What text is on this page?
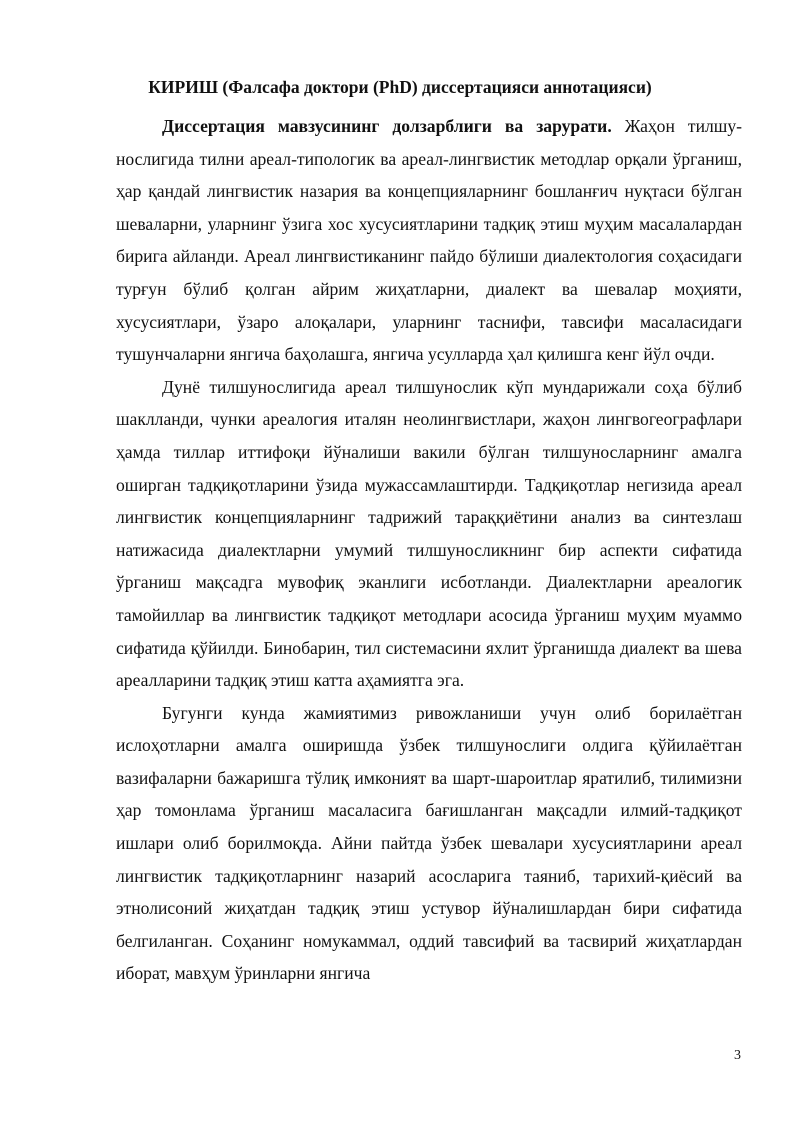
КИРИШ (Фалсафа доктори (PhD) диссертацияси аннотацияси)

Диссертация мавзусининг долзарблиги ва зарурати. Жаҳон тилшунослигида тилни ареал-типологик ва ареал-лингвистик методлар орқали ўрганиш, ҳар қандай лингвистик назария ва концепцияларнинг бошланғич нуқтаси бўлган шеваларни, уларнинг ўзига хос хусусиятларини тадқиқ этиш муҳим масалалардан бирига айланди. Ареал лингвистиканинг пайдо бўлиши диалектология соҳасидаги турғун бўлиб қолган айрим жиҳатларни, диалект ва шевалар моҳияти, хусусиятлари, ўзаро алоқалари, уларнинг таснифи, тавсифи масаласидаги тушунчаларни янгича баҳолашга, янгича усулларда ҳал қилишга кенг йўл очди.

Дунё тилшунослигида ареал тилшунослик кўп мундарижали соҳа бўлиб шаклланди, чунки ареалогия италян неолингвистлари, жаҳон лингвогеографлари ҳамда тиллар иттифоқи йўналиши вакили бўлган тилшуносларнинг амалга оширган тадқиқотларини ўзида мужассамлаштирди. Тадқиқотлар негизида ареал лингвистик концепцияларнинг тадрижий тараққиётини анализ ва синтезлаш натижасида диалектларни умумий тилшуносликнинг бир аспекти сифатида ўрганиш мақсадга мувофиқ эканлиги исботланди. Диалектларни ареалогик тамойиллар ва лингвистик тадқиқот методлари асосида ўрганиш муҳим муаммо сифатида қўйилди. Бинобарин, тил системасини яхлит ўрганишда диалект ва шева ареалларини тадқиқ этиш катта аҳамиятга эга.

Бугунги кунда жамиятимиз ривожланиши учун олиб борилаётган ислоҳотларни амалга оширишда ўзбек тилшунослиги олдига қўйилаётган вазифаларни бажаришга тўлиқ имконият ва шарт-шароитлар яратилиб, тилимизни ҳар томонлама ўрганиш масаласига бағишланган мақсадли илмий-тадқиқот ишлари олиб борилмоқда. Айни пайтда ўзбек шевалари хусусиятларини ареал лингвистик тадқиқотларнинг назарий асосларига таяниб, тарихий-қиёсий ва этнолисоний жиҳатдан тадқиқ этиш устувор йўналишлардан бири сифатида белгиланган. Соҳанинг номукаммал, оддий тавсифий ва тасвирий жиҳатлардан иборат, мавҳум ўринларни янгича

3
